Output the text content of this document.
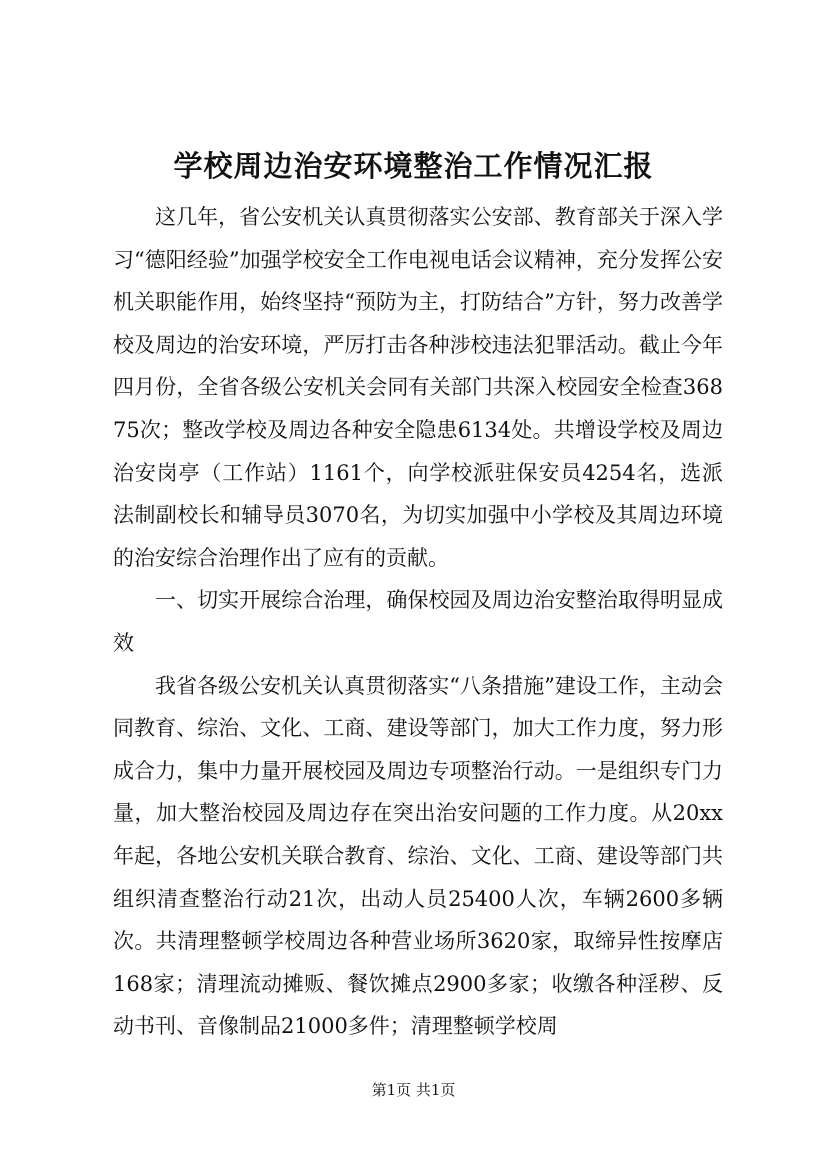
学校周边治安环境整治工作情况汇报

这几年，省公安机关认真贯彻落实公安部、教育部关于深入学习“德阳经验”加强学校安全工作电视电话会议精神，充分发挥公安机关职能作用，始终坚持“预防为主，打防结合”方针，努力改善学校及周边的治安环境，严厉打击各种涉校违法犯罪活动。截止今年四月份，全省各级公安机关会同有关部门共深入校园安全检查36875次；整改学校及周边各种安全隐患6134处。共增设学校及周边治安岗亭（工作站）1161个，向学校派驻保安员4254名，选派法制副校长和辅导员3070名，为切实加强中小学校及其周边环境的治安综合治理作出了应有的贡献。

一、切实开展综合治理，确保校园及周边治安整治取得明显成效

我省各级公安机关认真贯彻落实“八条措施”建设工作，主动会同教育、综治、文化、工商、建设等部门，加大工作力度，努力形成合力，集中力量开展校园及周边专项整治行动。一是组织专门力量，加大整治校园及周边存在突出治安问题的工作力度。从20xx年起，各地公安机关联合教育、综治、文化、工商、建设等部门共组织清查整治行动21次，出动人员25400人次，车辆2600多辆次。共清理整顿学校周边各种营业场所3620家，取缔异性按摩店168家；清理流动摊贩、餐饮摊点2900多家；收缴各种淫秽、反动书刊、音像制品21000多件；清理整顿学校周

第1页 共1页
